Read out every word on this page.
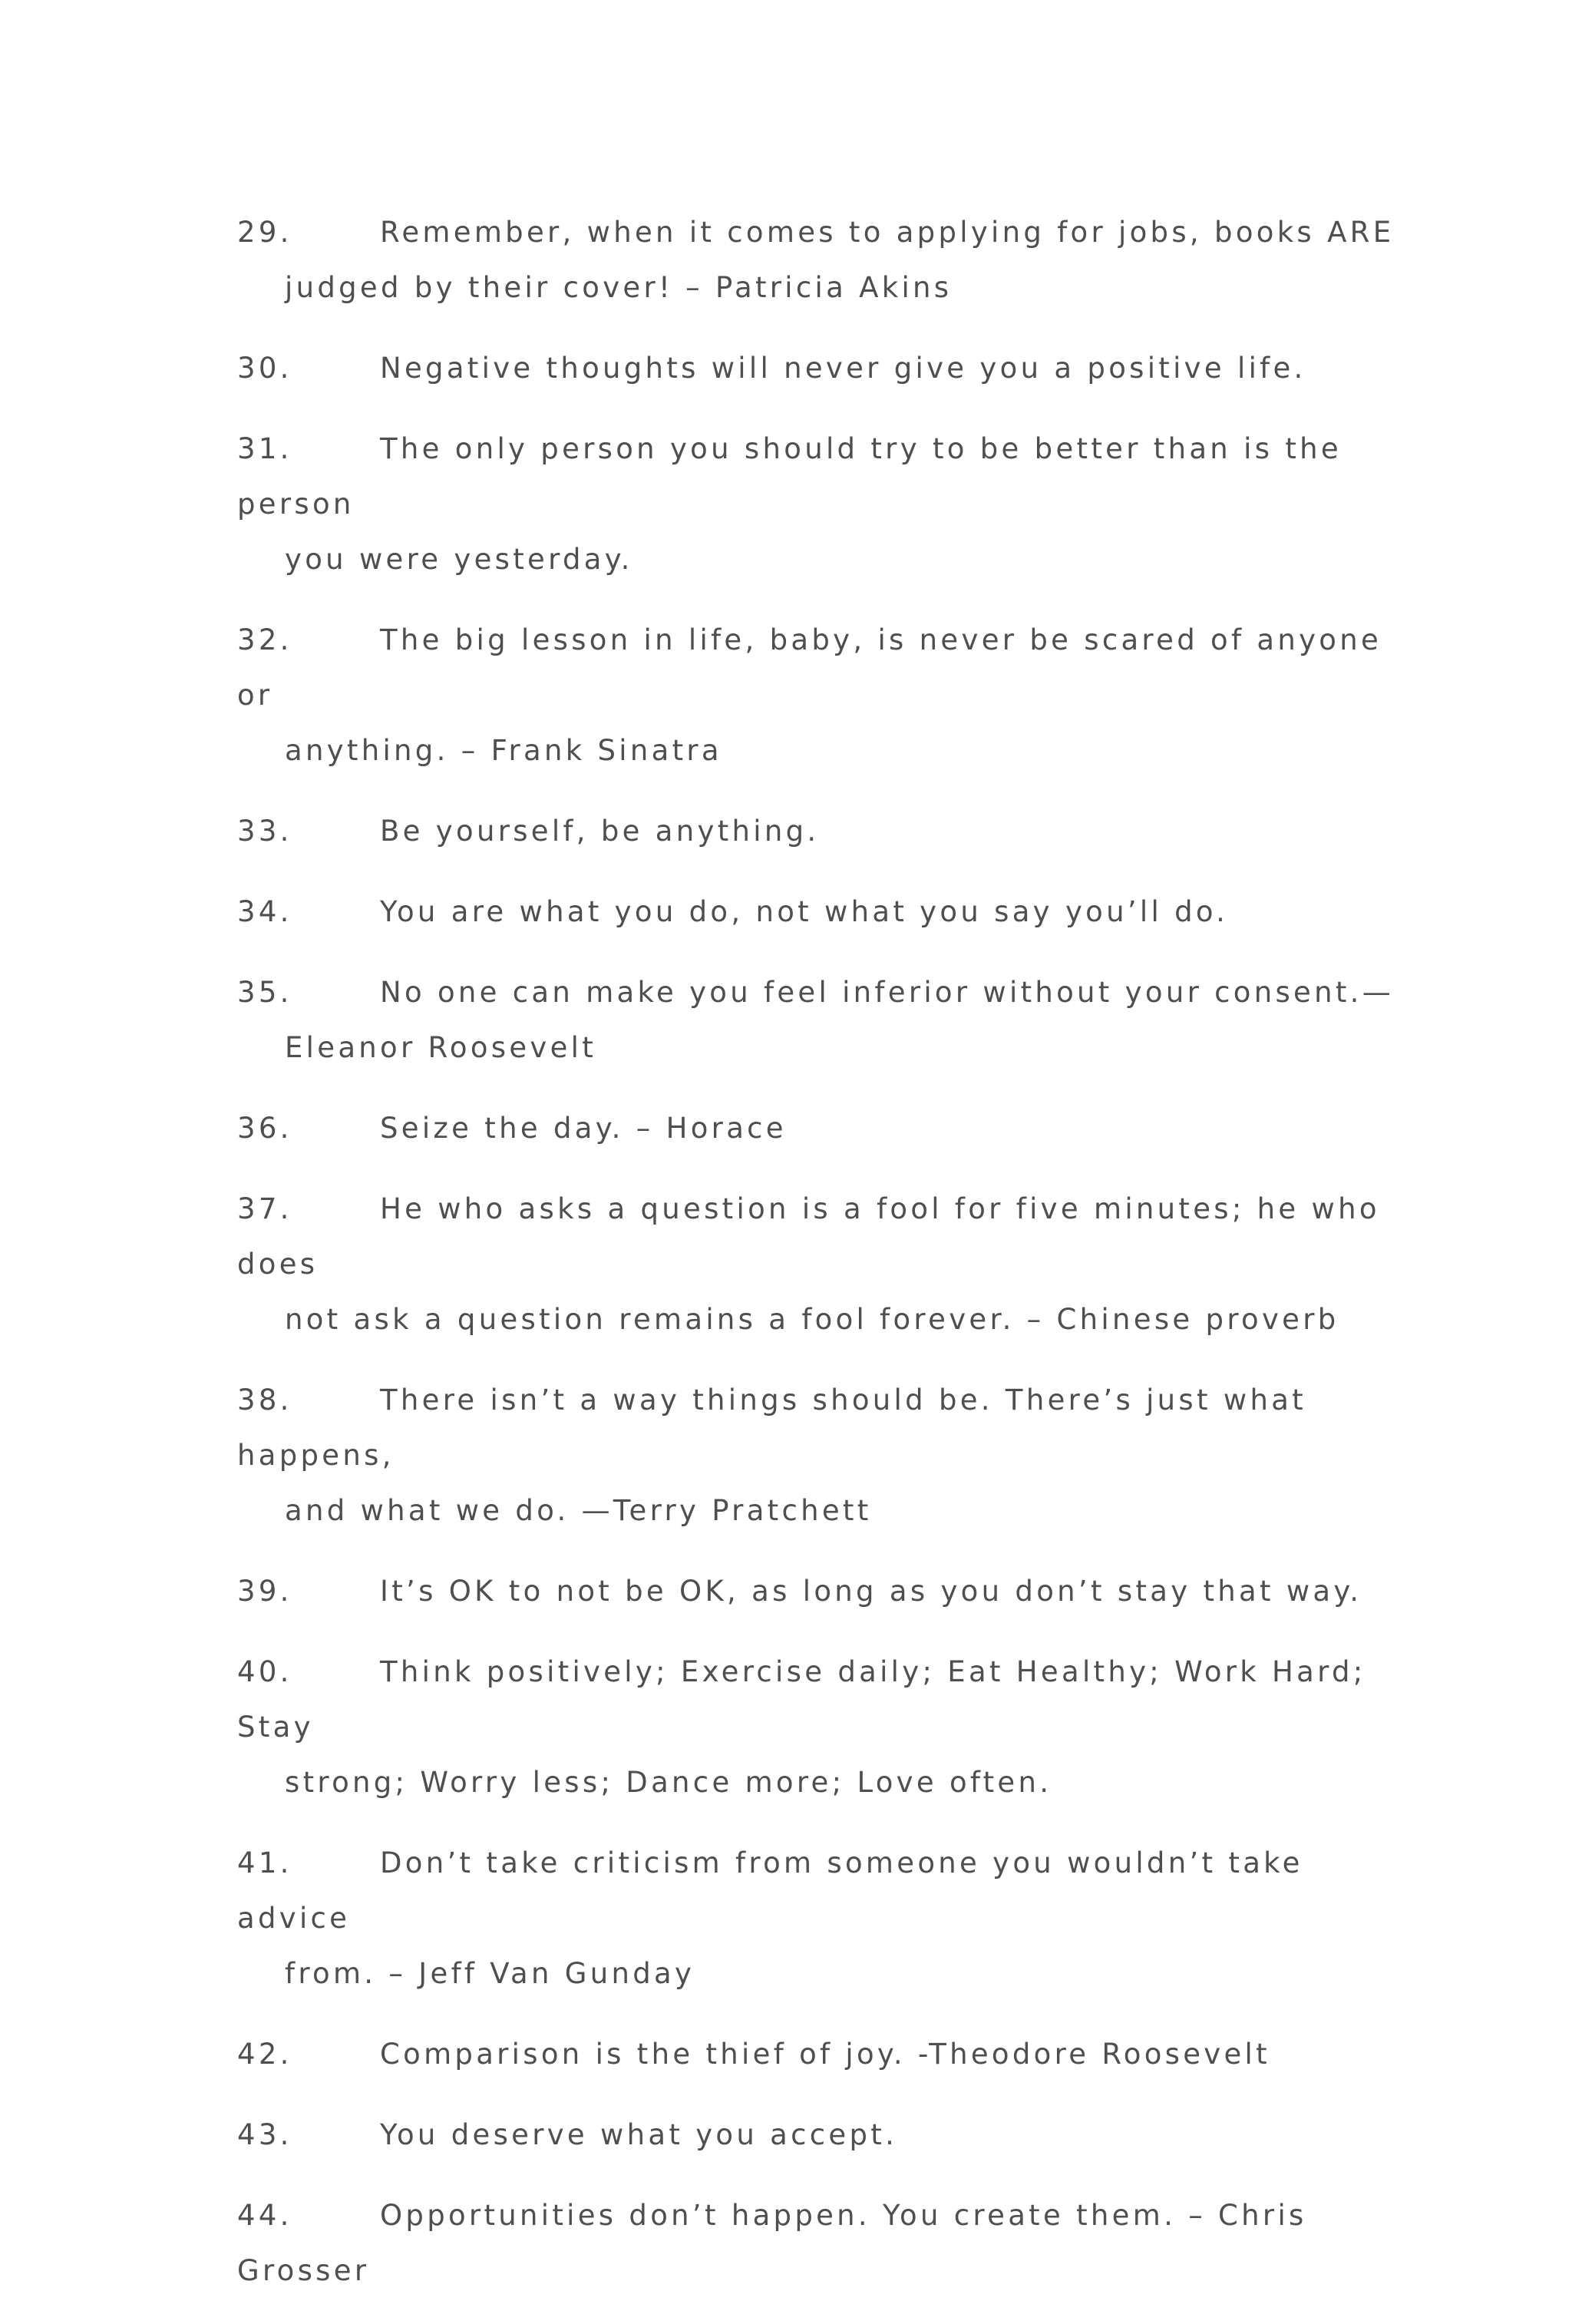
29.	Remember, when it comes to applying for jobs, books ARE
judged by their cover! – Patricia Akins
30.	Negative thoughts will never give you a positive life.
31.	The only person you should try to be better than is the person
you were yesterday.
32.	The big lesson in life, baby, is never be scared of anyone or
anything. – Frank Sinatra
33.	Be yourself, be anything.
34.	You are what you do, not what you say you’ll do.
35.	No one can make you feel inferior without your consent.—
Eleanor Roosevelt
36.	Seize the day. – Horace
37.	He who asks a question is a fool for five minutes; he who does
not ask a question remains a fool forever. – Chinese proverb
38.	There isn’t a way things should be. There’s just what happens,
and what we do. —Terry Pratchett
39.	It’s OK to not be OK, as long as you don’t stay that way.
40.	Think positively; Exercise daily; Eat Healthy; Work Hard; Stay
strong; Worry less; Dance more; Love often.
41.	Don’t take criticism from someone you wouldn’t take advice
from. – Jeff Van Gunday
42.	Comparison is the thief of joy. -Theodore Roosevelt
43.	You deserve what you accept.
44.	Opportunities don’t happen. You create them. – Chris Grosser
